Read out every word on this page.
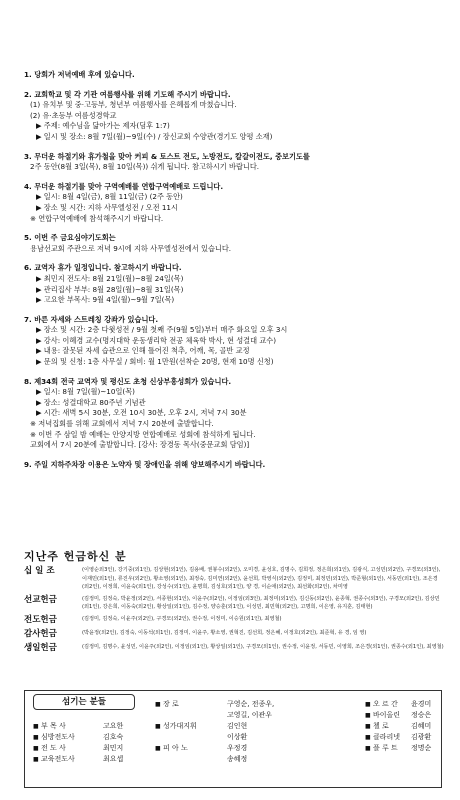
1. 당회가 저녁예배 후에 있습니다.
2. 교회학교 및 각 기관 여름행사를 위해 기도해 주시기 바랍니다.
(1) 유치부 및 중·고등부, 청년부 여름행사를 은혜롭게 마쳤습니다.
(2) 유·초등부 여름성경학교
▶ 주제: 예수님을 닮아가는 제자(딤후 1:7)
▶ 일시 및 장소: 8월 7일(월)~9일(수) / 장신교회 수양관(경기도 양평 소재)
3. 무더운 하절기와 휴가철을 맞아 커피 & 토스트 전도, 노방전도, 칼갈이전도, 중보기도를
2주 동안(8월 3일(목), 8월 10일(목)) 쉬게 됩니다. 참고하시기 바랍니다.
4. 무더운 하절기를 맞아 구역예배를 연합구역예배로 드립니다.
▶ 일시: 8월 4일(금), 8월 11일(금) (2주 동안)
▶ 장소 및 시간: 지하 사무엘성전 / 오전 11시
※ 연합구역예배에 참석해주시기 바랍니다.
5. 이번 주 금요심야기도회는
용남선교회 주관으로 저녁 9시에 지하 사무엘성전에서 있습니다.
6. 교역자 휴가 일정입니다. 참고하시기 바랍니다.
▶ 최민지 전도사: 8월 21일(월)~8월 24일(목)
▶ 관리집사 부부: 8월 28일(월)~8월 31일(목)
▶ 고요한 부목사: 9월 4일(월)~9월 7일(목)
7. 바른 자세와 스트레칭 강좌가 있습니다.
▶ 장소 및 시간: 2층 다윗성전 / 9월 첫째 주(9월 5일)부터 매주 화요일 오후 3시
▶ 강사: 이혜경 교수(명지대학 운동생리학 전공 체육학 박사, 현 성결대 교수)
▶ 내용: 잘못된 자세 습관으로 인해 틀어진 척추, 어깨, 목, 골반 교정
▶ 문의 및 신청: 1층 사무실 / 회비: 월 1만원(선착순 20명, 현재 10명 신청)
8. 제34회 전국 교역자 및 평신도 초청 신상부흥성회가 있습니다.
▶ 일시: 8월 7일(월)~10일(목)
▶ 장소: 성결대학교 80주년 기념관
▶ 시간: 새벽 5시 30분, 오전 10시 30분, 오후 2시, 저녁 7시 30분
※ 저녁집회를 위해 교회에서 저녁 7시 20분에 출발합니다.
※ 이번 주 삼일 밤 예배는 안양지방 연합예배로 성회에 참석하게 됩니다.
교회에서 7시 20분에 출발합니다. [강사: 장경동 목사(중문교회 담임)]
9. 주일 지하주차장 이용은 노약자 및 장애인을 위해 양보해주시기 바랍니다.
지난주 헌금하신 분
십 일 조	(이영순외3인), 강기중(외1인), 김상현(외1인), 김용배, 권봉수(외2인), 오미경, 윤성호, 김명수, 김희정, 정은희(외1인), 김광식, 고성민(외2인), 구경모(외3인), 이재민(외1인), 류진우(외2인), 황소영(외1인), 최정숙, 김미연(외2인), 윤선희, 박영식(외2인), 김정미, 최정민(외1인), 박준형(외1인), 서동민(외1인), 조은경(외2인), 이정희, 이윤숙(외1인), 강성수(외1인), 윤명희, 김성호(외1인), 양 경, 이순애(외2인), 최선화(외2인), 차미영
선교헌금	(김정미, 김정숙, 박윤정(외2인), 서종현(외1인), 이윤주(외2인), 이정임(외3인), 최정미(외1인), 김신동(외2인), 윤종혁, 권종수(외3인), 구경모(외2인), 김상민(외1인), 강은희, 이동숙(외2인), 황상일(외1인), 김수정, 양승훈(외1인), 이성민, 최민혁(외2인), 고명희, 이은영, 유지훈, 김태현)
전도헌금	(김정미, 김정숙, 이윤주(외2인), 구경모(외2인), 권수정, 이정미, 이승원(외1인), 최영철)
감사헌금	(박윤정(외2인), 김정숙, 이동석(외1인), 김정미, 이윤주, 황소영, 권혁진, 김선희, 정은혜, 이정호(외2인), 최준혁, 유 경, 임 영)
생일헌금	(김정미, 김명수, 윤성민, 이윤주(외2인), 이정임(외1인), 황상일(외1인), 구경모(외1인), 권수정, 이윤정, 서동민, 이영희, 조은경(외1인), 권종수(외1인), 최영철)
섬기는 분들
■ 부 목 사	고요한
■ 심방전도사	김호숙
■ 전 도 사	최민지
■ 교육전도사	최요셉
■ 장 로	구영순, 전종우,
고영길, 이관우
■ 성가대지휘	김인현
이상환
■ 피 아 노	우정경
송혜정
■ 오 르 간	윤경미
■ 바이올린	정승은
■ 첼 로	김혜미
■ 클라리넷	김광환
■ 플 루 트	정명순
